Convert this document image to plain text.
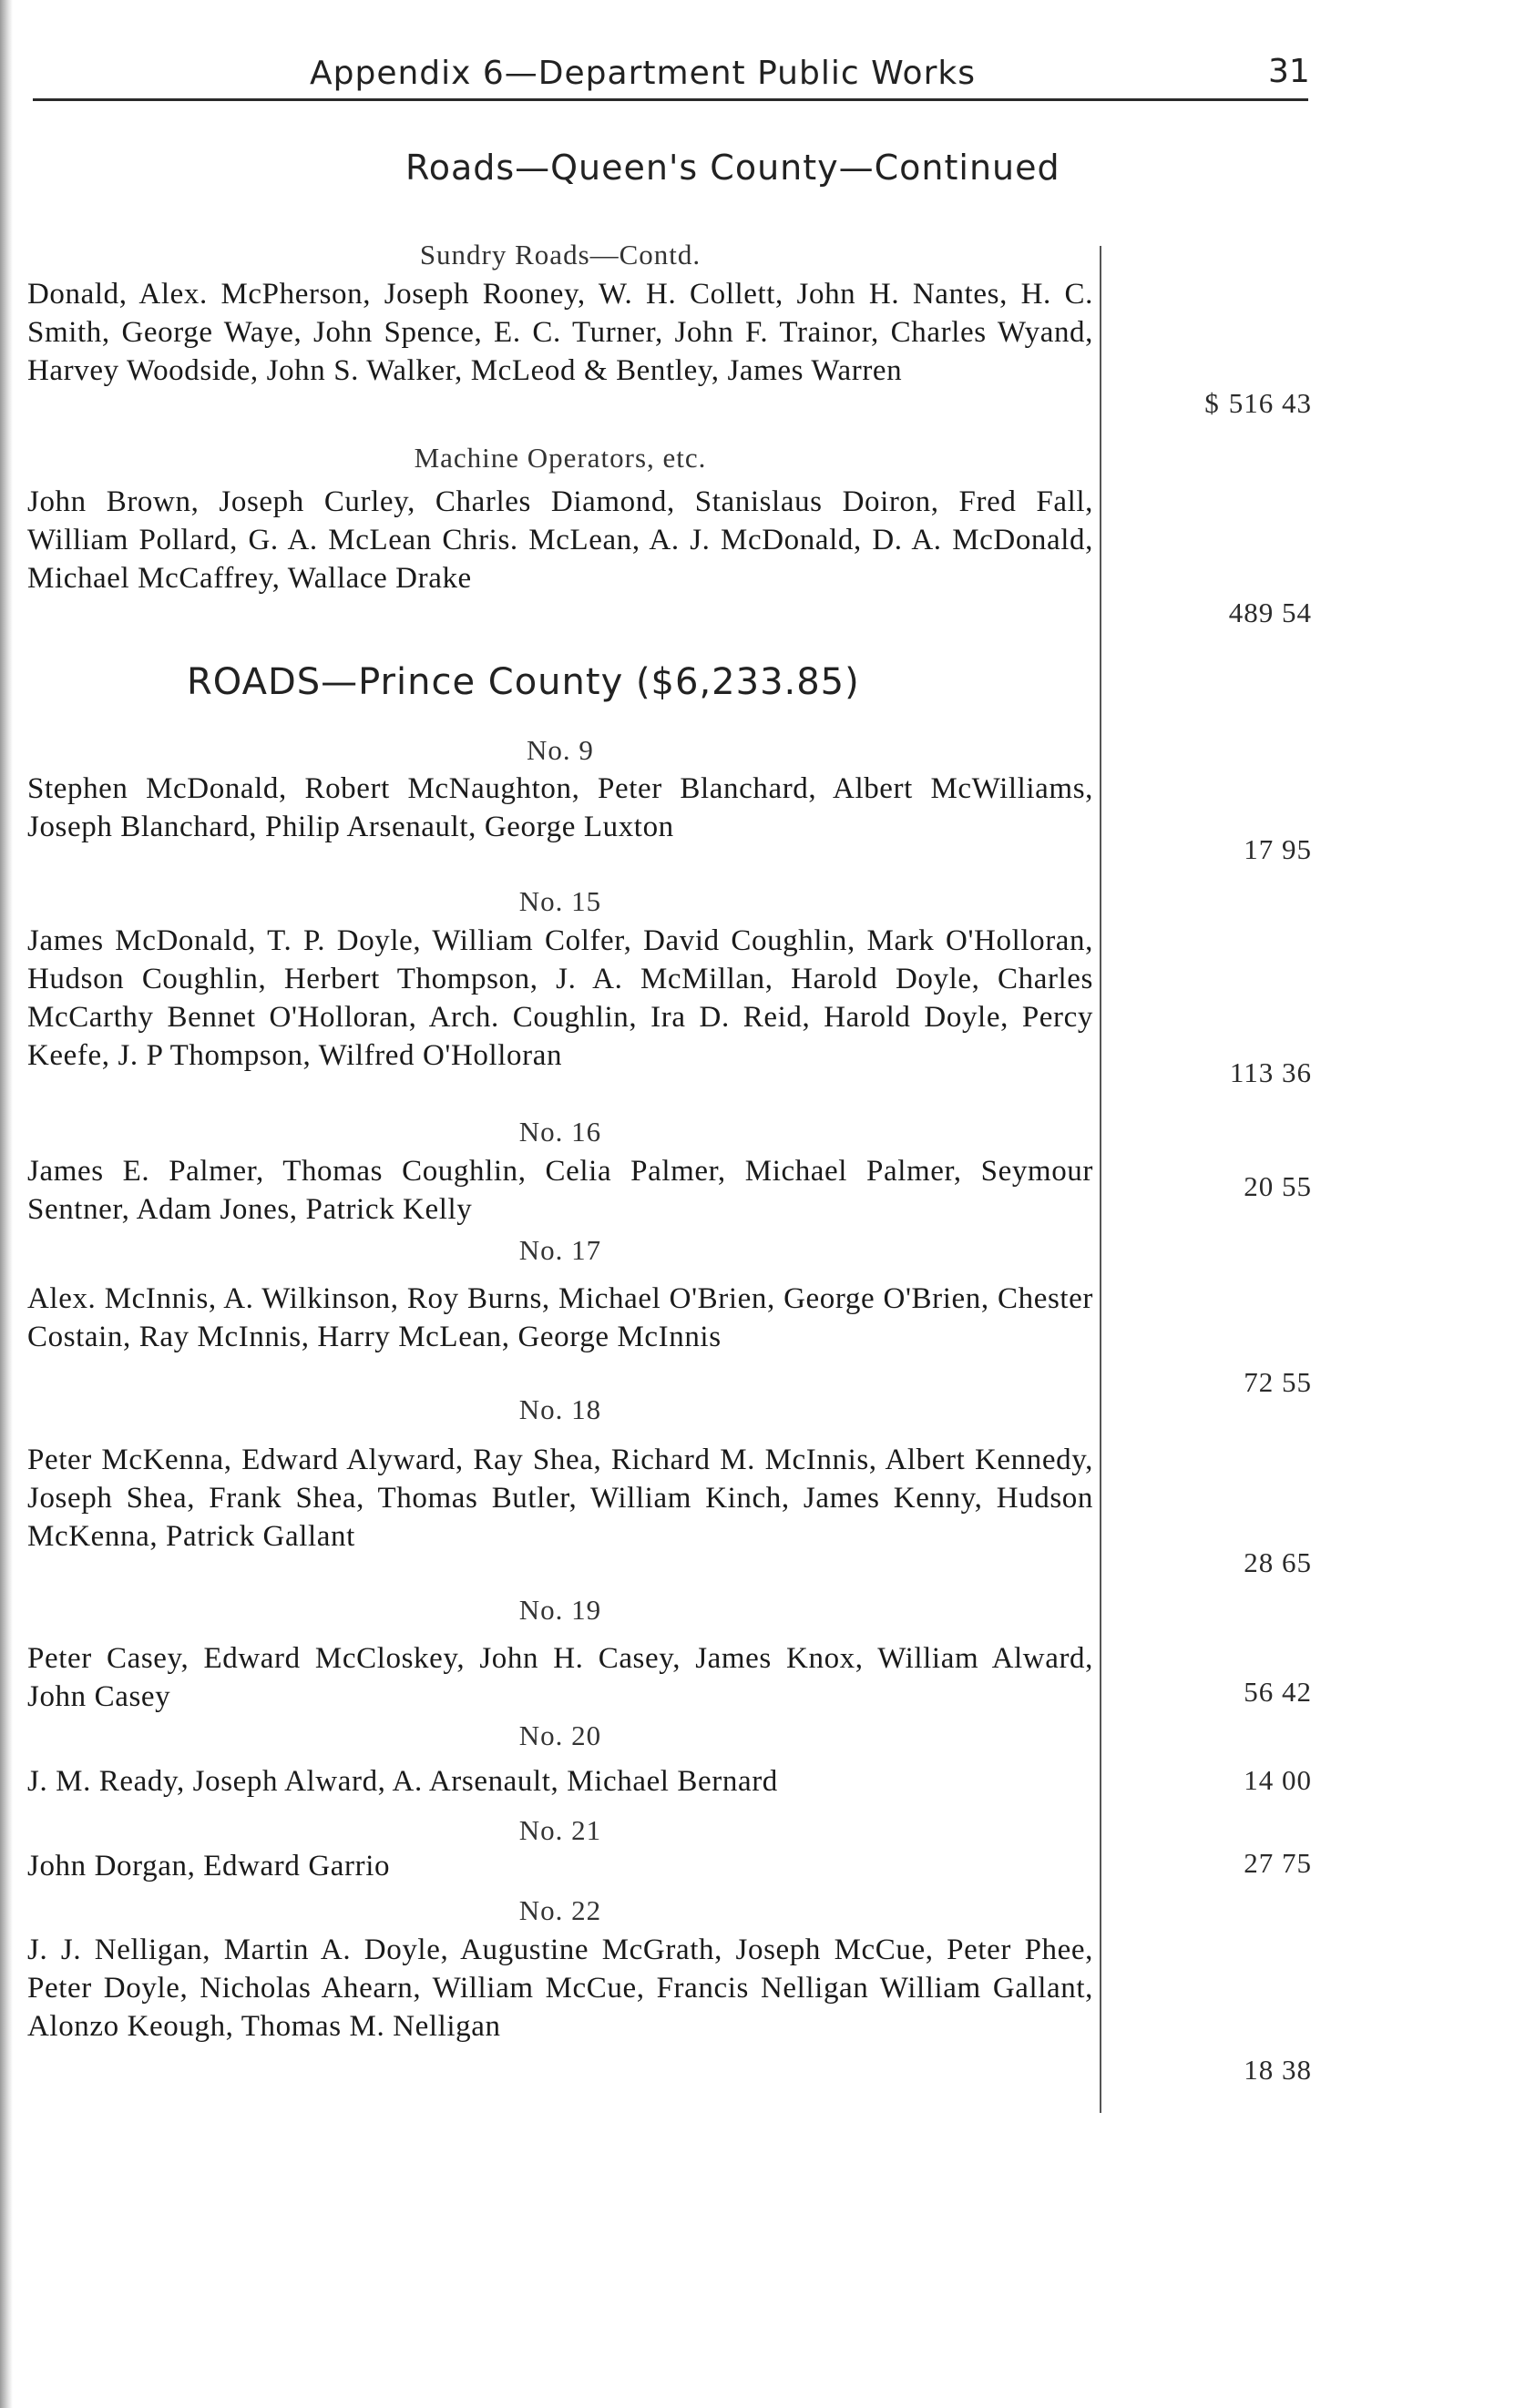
Appendix 6—Department Public Works	31
Roads—Queen's County—Continued
Sundry Roads—Contd.
Donald, Alex. McPherson, Joseph Rooney, W. H. Collett, John H. Nantes, H. C. Smith, George Waye, John Spence, E. C. Turner, John F. Trainor, Charles Wyand, Harvey Woodside, John S. Walker, McLeod & Bentley, James Warren
$ 516 43
Machine Operators, etc.
John Brown, Joseph Curley, Charles Diamond, Stanislaus Doiron, Fred Fall, William Pollard, G. A. McLean Chris. McLean, A. J. McDonald, D. A. McDonald, Michael McCaffrey, Wallace Drake
489 54
ROADS—Prince County ($6,233.85)
No. 9
Stephen McDonald, Robert McNaughton, Peter Blanchard, Albert McWilliams, Joseph Blanchard, Philip Arsenault, George Luxton
17 95
No. 15
James McDonald, T. P. Doyle, William Colfer, David Coughlin, Mark O'Holloran, Hudson Coughlin, Herbert Thompson, J. A. McMillan, Harold Doyle, Charles McCarthy Bennet O'Holloran, Arch. Coughlin, Ira D. Reid, Harold Doyle, Percy Keefe, J. P Thompson, Wilfred O'Holloran
113 36
No. 16
James E. Palmer, Thomas Coughlin, Celia Palmer, Michael Palmer, Seymour Sentner, Adam Jones, Patrick Kelly
20 55
No. 17
Alex. McInnis, A. Wilkinson, Roy Burns, Michael O'Brien, George O'Brien, Chester Costain, Ray McInnis, Harry McLean, George McInnis
72 55
No. 18
Peter McKenna, Edward Alyward, Ray Shea, Richard M. McInnis, Albert Kennedy, Joseph Shea, Frank Shea, Thomas Butler, William Kinch, James Kenny, Hudson McKenna, Patrick Gallant
28 65
No. 19
Peter Casey, Edward McCloskey, John H. Casey, James Knox, William Alward, John Casey	56 42
No. 20
J. M. Ready, Joseph Alward, A. Arsenault, Michael Bernard	14 00
No. 21
John Dorgan, Edward Garrio	27 75
No. 22
J. J. Nelligan, Martin A. Doyle, Augustine McGrath, Joseph McCue, Peter Phee, Peter Doyle, Nicholas Ahearn, William McCue, Francis Nelligan William Gallant, Alonzo Keough, Thomas M. Nelligan
18 38
